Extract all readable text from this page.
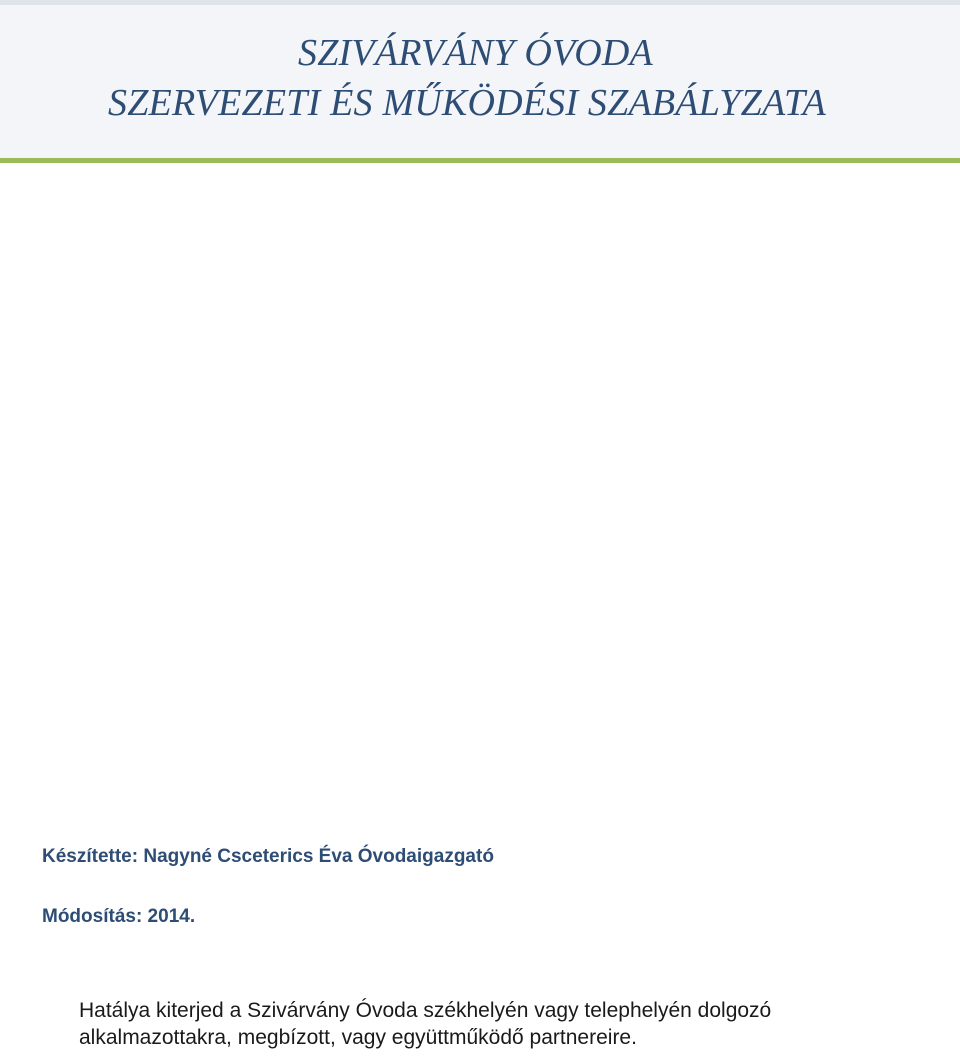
SZIVÁRVÁNY ÓVODA
SZERVEZETI ÉS MŰKÖDÉSI SZABÁLYZATA
Készítette: Nagyné Csceterics Éva Óvodaigazgató
Módosítás: 2014.

Hatálya kiterjed a Szivárvány Óvoda székhelyén vagy telephelyén dolgozó
alkalmazottakra, megbízott, vagy együttműködő partnereire.
